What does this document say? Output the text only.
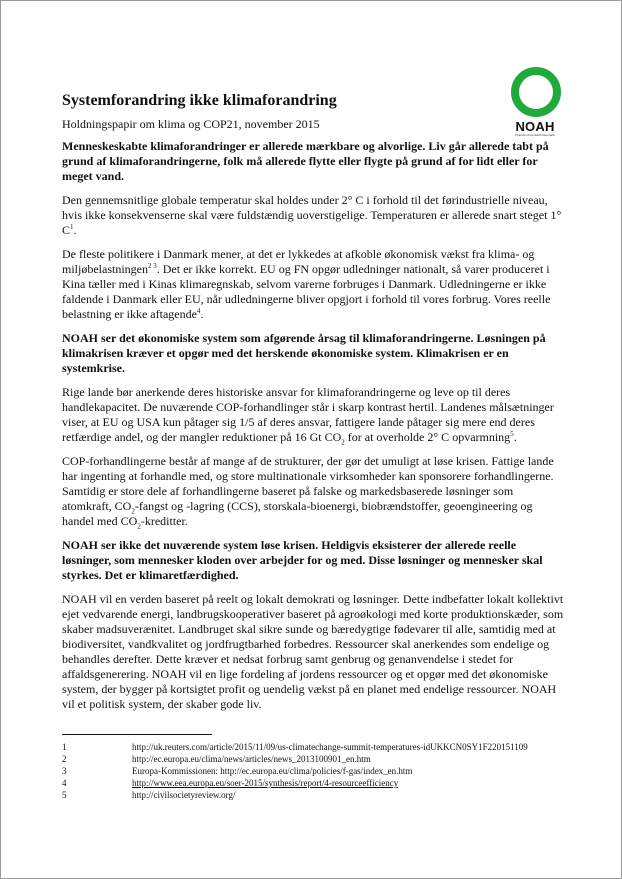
NOAH
Friends of the Earth Denmark
Systemforandring ikke klimaforandring

Holdningspapir om klima og COP21, november 2015

Menneskeskabte klimaforandringer er allerede mærkbare og alvorlige. Liv går allerede tabt på grund af klimaforandringerne, folk må allerede flytte eller flygte på grund af for lidt eller for meget vand.

Den gennemsnitlige globale temperatur skal holdes under 2° C i forhold til det førindustrielle niveau, hvis ikke konsekvenserne skal være fuldstændig uoverstigelige. Temperaturen er allerede snart steget 1° $C^1$.

De fleste politikere i Danmark mener, at det er lykkedes at afkoble økonomisk vækst fra klima- og miljøbelastningen$^{2 3}$. Det er ikke korrekt. EU og FN opgør udledninger nationalt, så varer produceret i Kina tæller med i Kinas klimaregnskab, selvom varerne forbruges i Danmark. Udledningerne er ikke faldende i Danmark eller EU, når udledningerne bliver opgjort i forhold til vores forbrug. Vores reelle belastning er ikke aftagende$^4$.

NOAH ser det økonomiske system som afgørende årsag til klimaforandringerne. Løsningen på klimakrisen kræver et opgør med det herskende økonomiske system. Klimakrisen er en systemkrise.

Rige lande bør anerkende deres historiske ansvar for klimaforandringerne og leve op til deres handlekapacitet. De nuværende COP-forhandlinger står i skarp kontrast hertil. Landenes målsætninger viser, at EU og USA kun påtager sig 1/5 af deres ansvar, fattigere lande påtager sig mere end deres retfærdige andel, og der mangler reduktioner på 16 Gt $CO_2$ for at overholde 2° C opvarmning$^5$.

COP-forhandlingerne består af mange af de strukturer, der gør det umuligt at løse krisen. Fattige lande har ingenting at forhandle med, og store multinationale virksomheder kan sponsorere forhandlingerne. Samtidig er store dele af forhandlingerne baseret på falske og markedsbaserede løsninger som atomkraft, $CO_2$-fangst og -lagring (CCS), storskala-bioenergi, biobrændstoffer, geoengineering og handel med $CO_2$-kreditter.

NOAH ser ikke det nuværende system løse krisen. Heldigvis eksisterer der allerede reelle løsninger, som mennesker kloden over arbejder for og med. Disse løsninger og mennesker skal styrkes. Det er klimaretfærdighed.

NOAH vil en verden baseret på reelt og lokalt demokrati og løsninger. Dette indbefatter lokalt kollektivt ejet vedvarende energi, landbrugskooperativer baseret på agroøkologi med korte produktionskæder, som skaber madsuverænitet. Landbruget skal sikre sunde og bæredygtige fødevarer til alle, samtidig med at biodiversitet, vandkvalitet og jordfrugtbarhed forbedres. Ressourcer skal anerkendes som endelige og behandles derefter. Dette kræver et nedsat forbrug samt genbrug og genanvendelse i stedet for affaldsgenerering. NOAH vil en lige fordeling af jordens ressourcer og et opgør med det økonomiske system, der bygger på kortsigtet profit og uendelig vækst på en planet med endelige ressourcer. NOAH vil et politisk system, der skaber gode liv.

1	http://uk.reuters.com/article/2015/11/09/us-climatechange-summit-temperatures-idUKKCN0SY1F220151109
2	http://ec.europa.eu/clima/news/articles/news_2013100901_en.htm
3	Europa-Kommissionen: http://ec.europa.eu/clima/policies/f-gas/index_en.htm
4	http://www.eea.europa.eu/soer-2015/synthesis/report/4-resourceefficiency
5	http://civilsocietyreview.org/
